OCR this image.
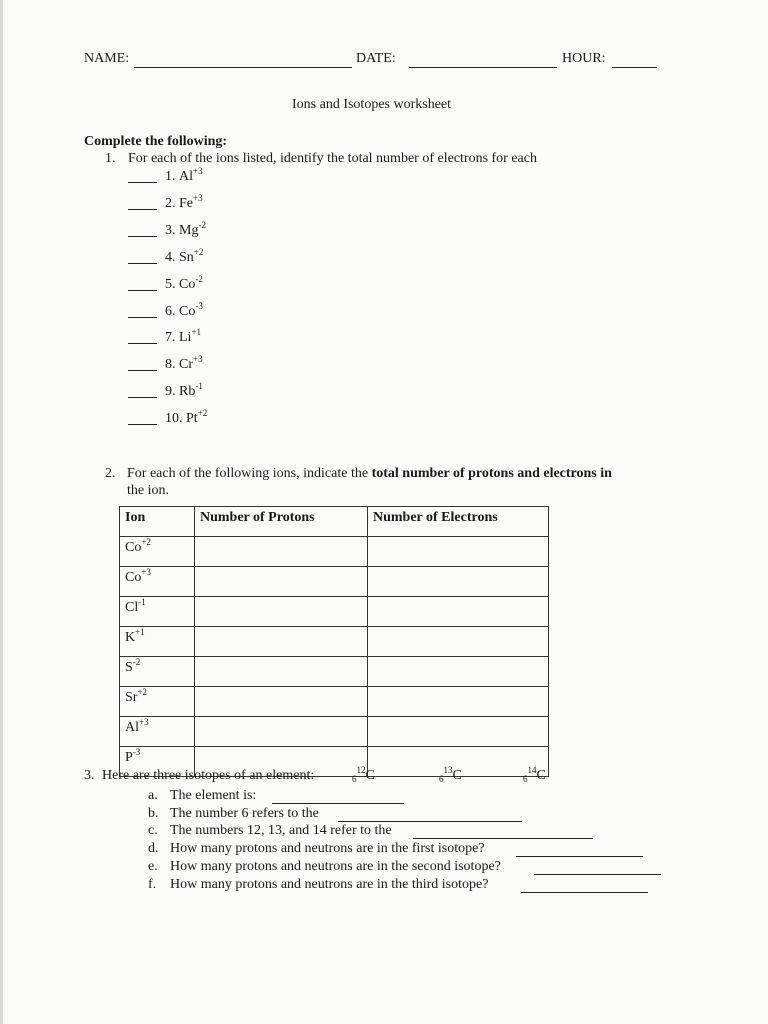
NAME:	DATE:	HOUR:
Ions and Isotopes worksheet
Complete the following:
1. For each of the ions listed, identify the total number of electrons for each
1. $Al^{+3}$
2. $Fe^{+3}$
3. $Mg^{-2}$
4. $Sn^{+2}$
5. $Co^{-2}$
6. $Co^{-3}$
7. $Li^{+1}$
8. $Cr^{+3}$
9. $Rb^{-1}$
10. $Pt^{+2}$
2. For each of the following ions, indicate the total number of protons and electrons in
the ion.
Ion	Number of Protons	Number of Electrons
$Co^{+2}$		
$Co^{+3}$		
$Cl^{-1}$		
$K^{+1}$		
$S^{-2}$		
$Sr^{+2}$		
$Al^{+3}$		
$P^{-3}$		
3. Here are three isotopes of an element:	$_6^{12}$C	$_6^{13}$C	$_6^{14}$C
a. The element is:
b. The number 6 refers to the
c. The numbers 12, 13, and 14 refer to the
d. How many protons and neutrons are in the first isotope?
e. How many protons and neutrons are in the second isotope?
f. How many protons and neutrons are in the third isotope?
